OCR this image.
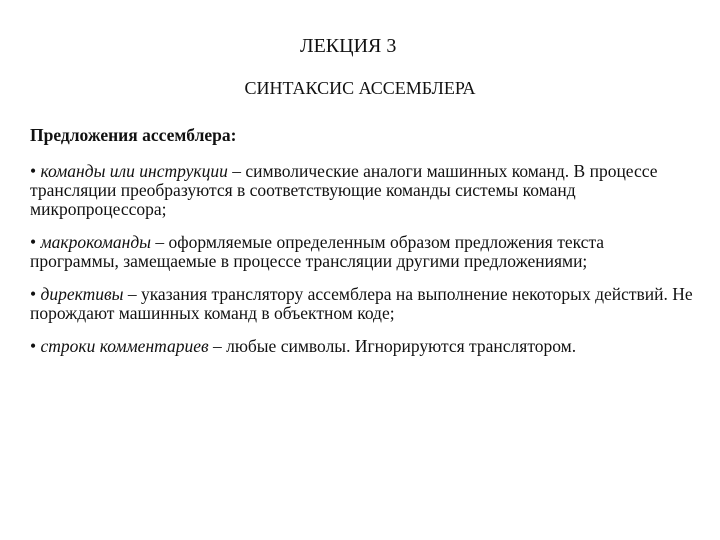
ЛЕКЦИЯ 3
СИНТАКСИС АССЕМБЛЕРА
Предложения ассемблера:
• команды или инструкции – символические аналоги машинных команд. В процессе трансляции преобразуются в соответствующие команды системы команд микропроцессора;
• макрокоманды – оформляемые определенным образом предложения текста программы, замещаемые в процессе трансляции другими предложениями;
• директивы – указания транслятору ассемблера на выполнение некоторых действий. Не порождают машинных команд в объектном коде;
• строки комментариев – любые символы. Игнорируются транслятором.
